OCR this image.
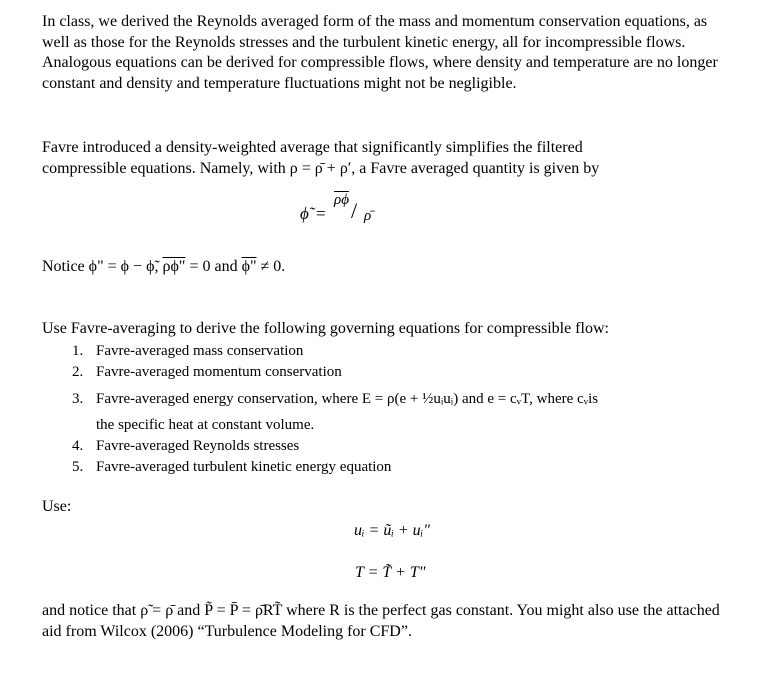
In class, we derived the Reynolds averaged form of the mass and momentum conservation equations, as well as those for the Reynolds stresses and the turbulent kinetic energy, all for incompressible flows. Analogous equations can be derived for compressible flows, where density and temperature are no longer constant and density and temperature fluctuations might not be negligible.
Favre introduced a density-weighted average that significantly simplifies the filtered
compressible equations. Namely, with ρ = ρ̄ + ρ′, a Favre averaged quantity is given by
ϕ̃ =
$\overline{\rho\phi}$ / ρ̄
Notice ϕ" = ϕ − ϕ̃, ρϕ" = 0 and ϕ" ≠ 0.
Use Favre-averaging to derive the following governing equations for compressible flow:
1. Favre-averaged mass conservation
2. Favre-averaged momentum conservation
3. Favre-averaged energy conservation, where E = ρ(e + ½uᵢuᵢ) and e = cᵥT, where cᵥis
the specific heat at constant volume.
4. Favre-averaged Reynolds stresses
5. Favre-averaged turbulent kinetic energy equation
Use:
uᵢ = ũᵢ + uᵢ"
T = T̃ + T"
and notice that ρ̃ = ρ̄ and P̃ = P̄ = ρ̄RT̃ where R is the perfect gas constant. You might also use the attached aid from Wilcox (2006) “Turbulence Modeling for CFD”.
